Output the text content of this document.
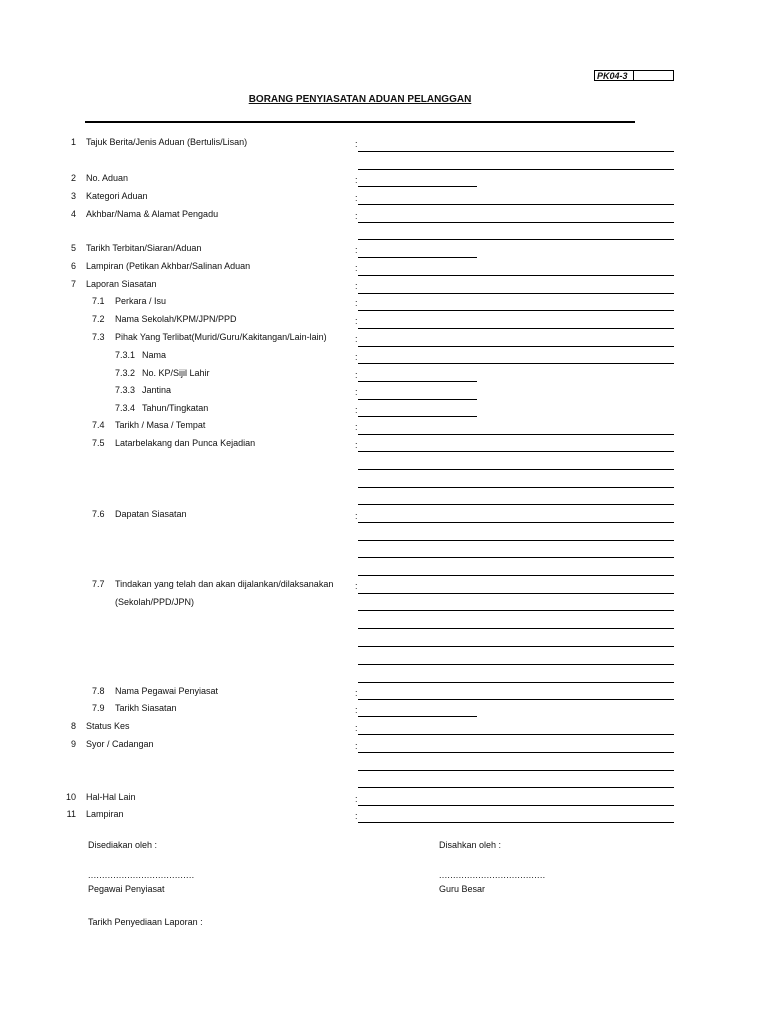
PK04-3
BORANG PENYIASATAN ADUAN PELANGGAN
1 Tajuk Berita/Jenis Aduan (Bertulis/Lisan)	:
2 No. Aduan	:
3 Kategori Aduan	:
4 Akhbar/Nama & Alamat Pengadu	:
5 Tarikh Terbitan/Siaran/Aduan	:
6 Lampiran (Petikan Akhbar/Salinan Aduan	:
7 Laporan Siasatan	:
7.1 Perkara / Isu	:
7.2 Nama Sekolah/KPM/JPN/PPD	:
7.3 Pihak Yang Terlibat(Murid/Guru/Kakitangan/Lain-lain)	:
7.3.1 Nama	:
7.3.2 No. KP/Sijil Lahir	:
7.3.3 Jantina	:
7.3.4 Tahun/Tingkatan	:
7.4 Tarikh / Masa / Tempat	:
7.5 Latarbelakang dan Punca Kejadian	:
7.6 Dapatan Siasatan	:
7.7 Tindakan yang telah dan akan dijalankan/dilaksanakan
(Sekolah/PPD/JPN)
:
7.8 Nama Pegawai Penyiasat	:
7.9 Tarikh Siasatan	:
8 Status Kes	:
9 Syor / Cadangan	:
10 Hal-Hal Lain	:
11 Lampiran	:
Disediakan oleh :	Disahkan oleh :
......................................	......................................
Pegawai Penyiasat	Guru Besar
Tarikh Penyediaan Laporan :
